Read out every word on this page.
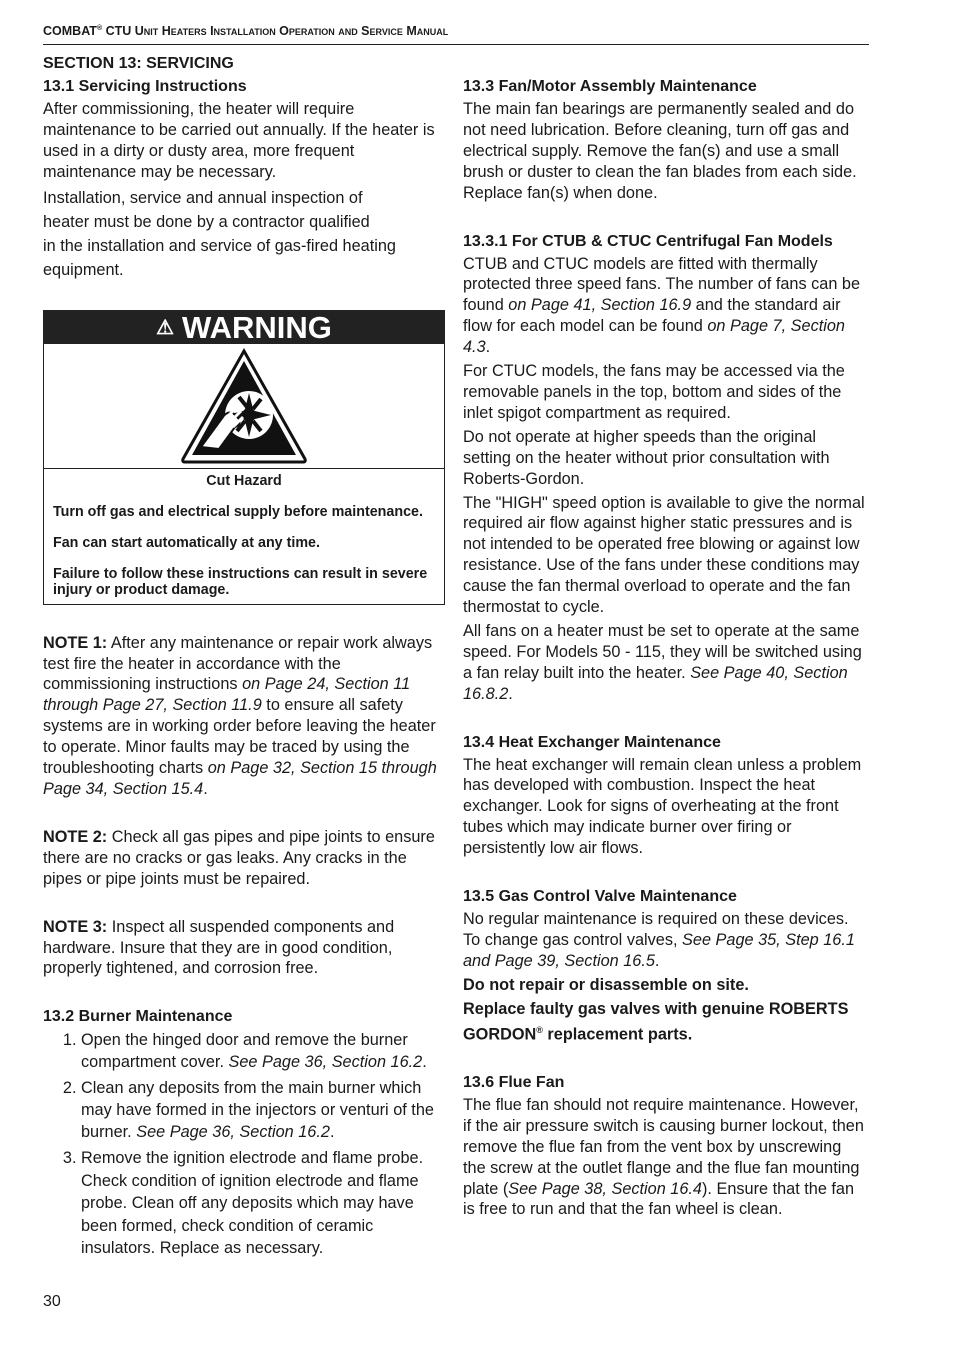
COMBAT® CTU Unit Heaters Installation Operation and Service Manual
SECTION 13: SERVICING
13.1 Servicing Instructions

After commissioning, the heater will require maintenance to be carried out annually. If the heater is used in a dirty or dusty area, more frequent maintenance may be necessary.

Installation, service and annual inspection of
heater must be done by a contractor qualified
in the installation and service of gas-fired heating equipment.

⚠ WARNING
Cut Hazard
Turn off gas and electrical supply before maintenance.
Fan can start automatically at any time.
Failure to follow these instructions can result in severe injury or product damage.

NOTE 1: After any maintenance or repair work always test fire the heater in accordance with the commissioning instructions on Page 24, Section 11 through Page 27, Section 11.9 to ensure all safety systems are in working order before leaving the heater to operate. Minor faults may be traced by using the troubleshooting charts on Page 32, Section 15 through Page 34, Section 15.4.

NOTE 2: Check all gas pipes and pipe joints to ensure there are no cracks or gas leaks. Any cracks in the pipes or pipe joints must be repaired.

NOTE 3: Inspect all suspended components and hardware. Insure that they are in good condition, properly tightened, and corrosion free.

13.2 Burner Maintenance
1. Open the hinged door and remove the burner compartment cover. See Page 36, Section 16.2.
2. Clean any deposits from the main burner which may have formed in the injectors or venturi of the burner. See Page 36, Section 16.2.
3. Remove the ignition electrode and flame probe. Check condition of ignition electrode and flame probe. Clean off any deposits which may have been formed, check condition of ceramic insulators. Replace as necessary.
13.3 Fan/Motor Assembly Maintenance

The main fan bearings are permanently sealed and do not need lubrication. Before cleaning, turn off gas and electrical supply. Remove the fan(s) and use a small brush or duster to clean the fan blades from each side. Replace fan(s) when done.

13.3.1 For CTUB & CTUC Centrifugal Fan Models

CTUB and CTUC models are fitted with thermally protected three speed fans. The number of fans can be found on Page 41, Section 16.9 and the standard air flow for each model can be found on Page 7, Section 4.3.

For CTUC models, the fans may be accessed via the removable panels in the top, bottom and sides of the inlet spigot compartment as required.

Do not operate at higher speeds than the original setting on the heater without prior consultation with Roberts-Gordon.

The "HIGH" speed option is available to give the normal required air flow against higher static pressures and is not intended to be operated free blowing or against low resistance. Use of the fans under these conditions may cause the fan thermal overload to operate and the fan thermostat to cycle.

All fans on a heater must be set to operate at the same speed. For Models 50 - 115, they will be switched using a fan relay built into the heater. See Page 40, Section 16.8.2.

13.4 Heat Exchanger Maintenance

The heat exchanger will remain clean unless a problem has developed with combustion. Inspect the heat exchanger. Look for signs of overheating at the front tubes which may indicate burner over firing or persistently low air flows.

13.5 Gas Control Valve Maintenance

No regular maintenance is required on these devices. To change gas control valves, See Page 35, Step 16.1 and Page 39, Section 16.5.

Do not repair or disassemble on site.

Replace faulty gas valves with genuine ROBERTS GORDON® replacement parts.

13.6 Flue Fan

The flue fan should not require maintenance. However, if the air pressure switch is causing burner lockout, then remove the flue fan from the vent box by unscrewing the screw at the outlet flange and the flue fan mounting plate (See Page 38, Section 16.4). Ensure that the fan is free to run and that the fan wheel is clean.

30
